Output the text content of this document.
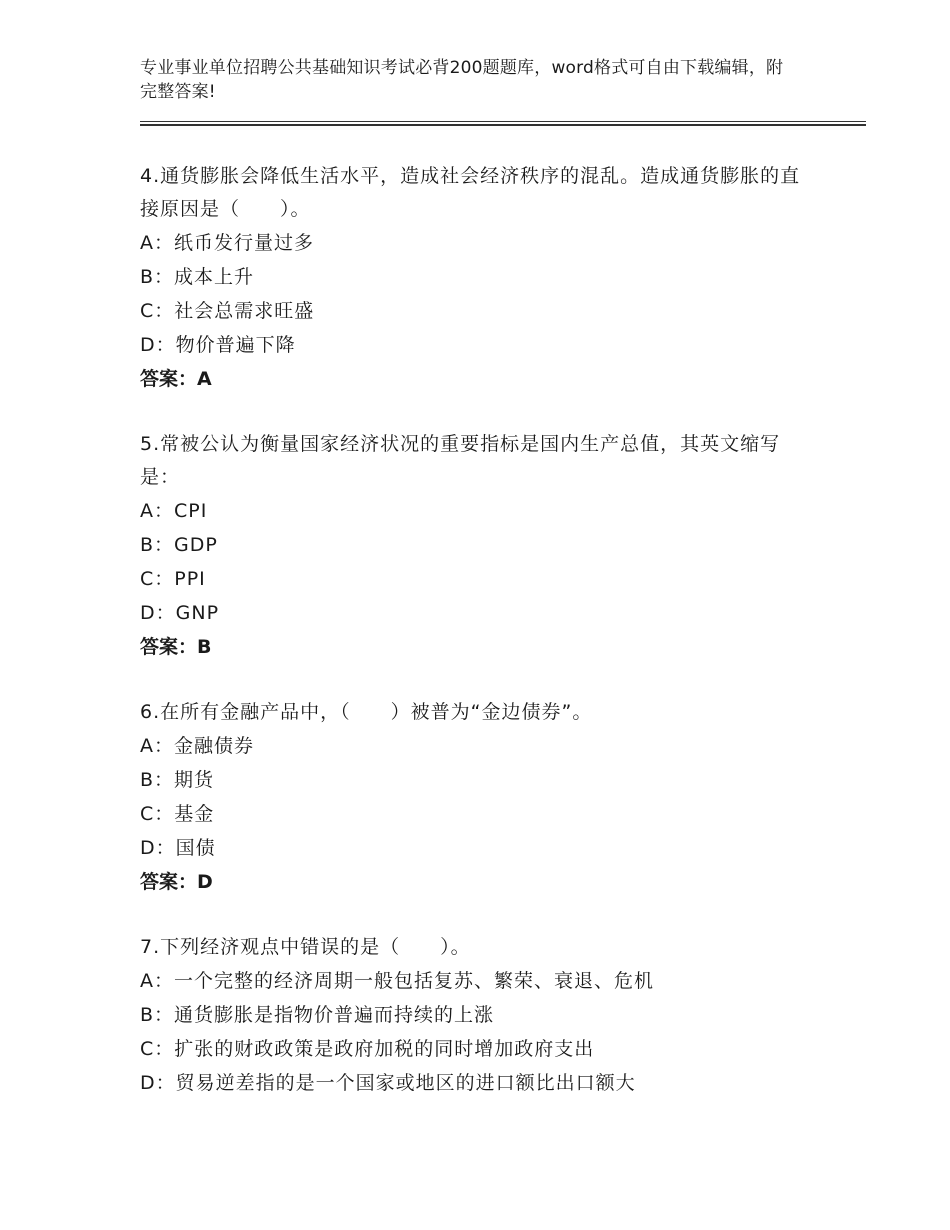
专业事业单位招聘公共基础知识考试必背200题题库，word格式可自由下载编辑，附完整答案!

4.通货膨胀会降低生活水平，造成社会经济秩序的混乱。造成通货膨胀的直接原因是（　　）。

A：纸币发行量过多

B：成本上升

C：社会总需求旺盛

D：物价普遍下降

答案：A

5.常被公认为衡量国家经济状况的重要指标是国内生产总值，其英文缩写是：

A：CPI

B：GDP

C：PPI

D：GNP

答案：B

6.在所有金融产品中，（　　）被普为“金边债券”。

A：金融债券

B：期货

C：基金

D：国债

答案：D

7.下列经济观点中错误的是（　　）。

A：一个完整的经济周期一般包括复苏、繁荣、衰退、危机

B：通货膨胀是指物价普遍而持续的上涨

C：扩张的财政政策是政府加税的同时增加政府支出

D：贸易逆差指的是一个国家或地区的进口额比出口额大
